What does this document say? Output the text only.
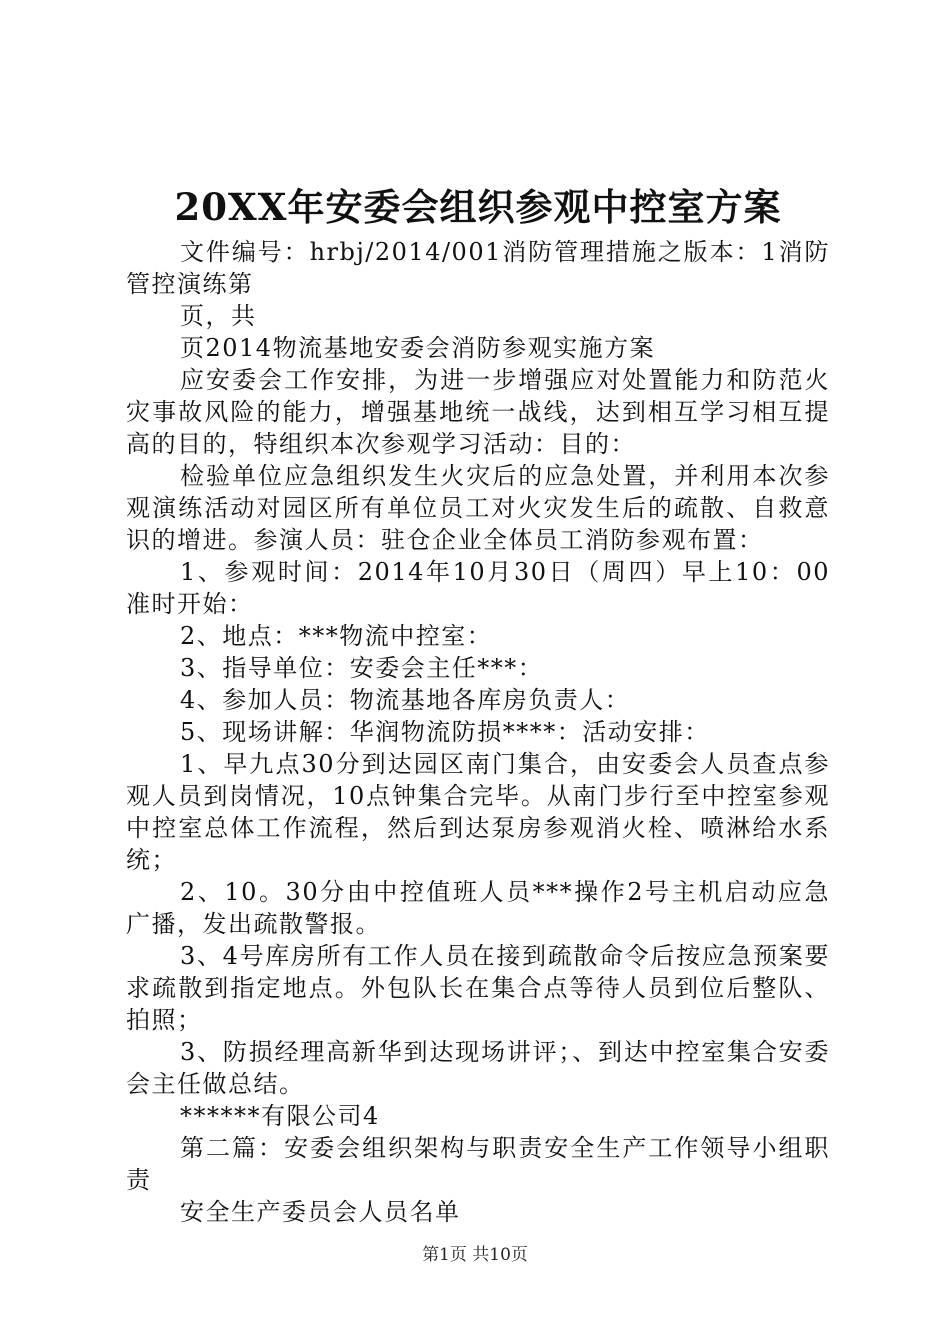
20XX年安委会组织参观中控室方案

文件编号：hrbj/2014/001消防管理措施之版本：1消防管控演练第

页，共

页2014物流基地安委会消防参观实施方案

应安委会工作安排，为进一步增强应对处置能力和防范火灾事故风险的能力，增强基地统一战线，达到相互学习相互提高的目的，特组织本次参观学习活动：目的：

检验单位应急组织发生火灾后的应急处置，并利用本次参观演练活动对园区所有单位员工对火灾发生后的疏散、自救意识的增进。参演人员：驻仓企业全体员工消防参观布置：

1、参观时间：2014年10月30日（周四）早上10：00准时开始：

2、地点：***物流中控室：

3、指导单位：安委会主任***：

4、参加人员：物流基地各库房负责人：

5、现场讲解：华润物流防损****：活动安排：

1、早九点30分到达园区南门集合，由安委会人员查点参观人员到岗情况，10点钟集合完毕。从南门步行至中控室参观中控室总体工作流程，然后到达泵房参观消火栓、喷淋给水系统；

2、10。30分由中控值班人员***操作2号主机启动应急广播，发出疏散警报。

3、4号库房所有工作人员在接到疏散命令后按应急预案要求疏散到指定地点。外包队长在集合点等待人员到位后整队、拍照；

3、防损经理高新华到达现场讲评；、到达中控室集合安委会主任做总结。

******有限公司4

第二篇：安委会组织架构与职责安全生产工作领导小组职责

安全生产委员会人员名单

第1页 共10页
